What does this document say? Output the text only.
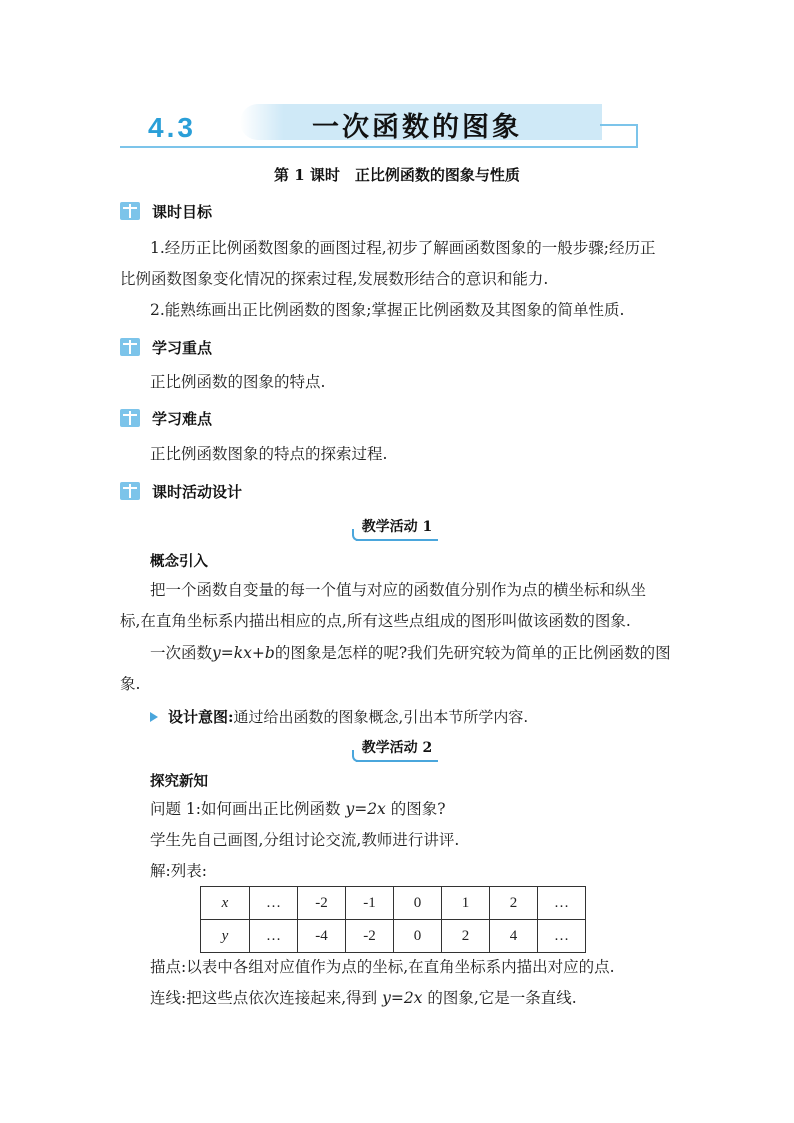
4.3	一次函数的图象
第 1 课时　正比例函数的图象与性质
课时目标
1.经历正比例函数图象的画图过程,初步了解画函数图象的一般步骤;经历正
比例函数图象变化情况的探索过程,发展数形结合的意识和能力.
2.能熟练画出正比例函数的图象;掌握正比例函数及其图象的简单性质.
学习重点
正比例函数的图象的特点.
学习难点
正比例函数图象的特点的探索过程.
课时活动设计
教学活动 1
概念引入
把一个函数自变量的每一个值与对应的函数值分别作为点的横坐标和纵坐
标,在直角坐标系内描出相应的点,所有这些点组成的图形叫做该函数的图象.
一次函数y=kx+b的图象是怎样的呢?我们先研究较为简单的正比例函数的图
象.
设计意图: 通过给出函数的图象概念,引出本节所学内容.
教学活动 2
探究新知
问题 1:如何画出正比例函数 y=2x 的图象?
学生先自己画图,分组讨论交流,教师进行讲评.
解:列表:
x	…	-2	-1	0	1	2	…
y	…	-4	-2	0	2	4	…
描点:以表中各组对应值作为点的坐标,在直角坐标系内描出对应的点.
连线:把这些点依次连接起来,得到 y=2x 的图象,它是一条直线.
